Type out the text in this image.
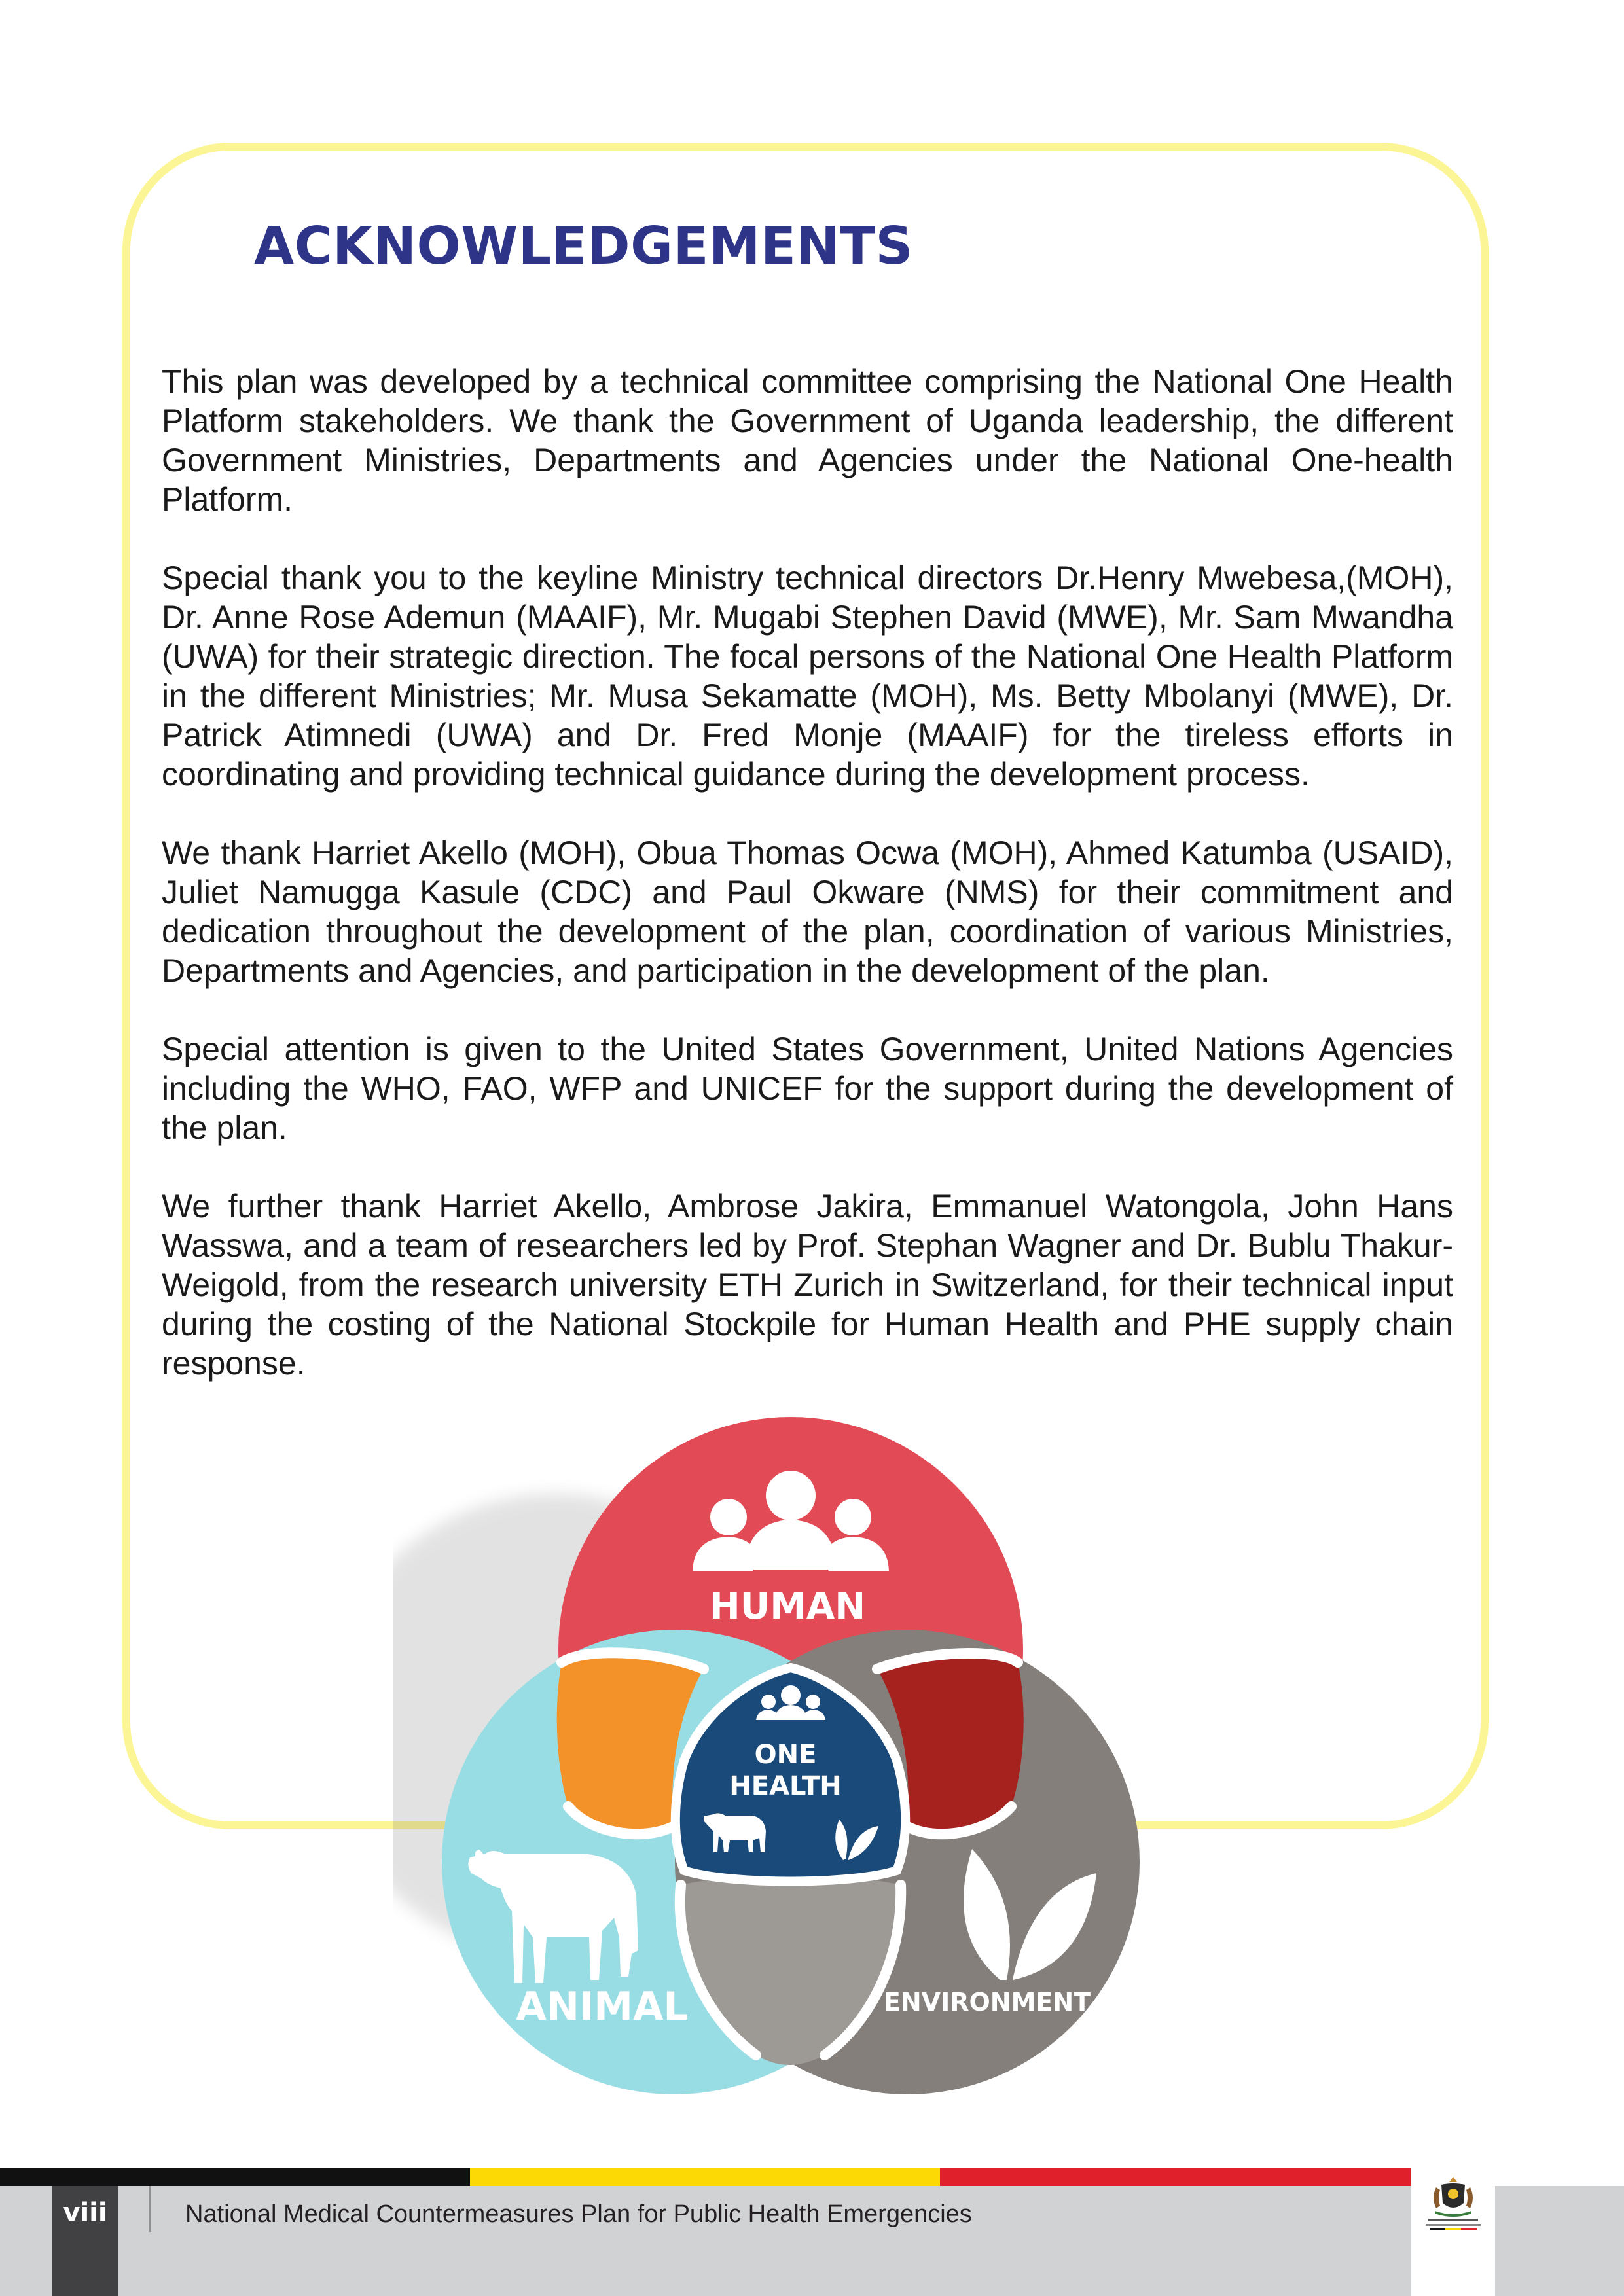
ACKNOWLEDGEMENTS

This plan was developed by a technical committee comprising the National One Health Platform stakeholders. We thank the Government of Uganda leadership, the different Government Ministries, Departments and Agencies under the National One-health Platform.

Special thank you to the keyline Ministry technical directors Dr.Henry Mwebesa,(MOH), Dr. Anne Rose Ademun (MAAIF), Mr. Mugabi Stephen David (MWE), Mr. Sam Mwandha (UWA) for their strategic direction. The focal persons of the National One Health Platform in the different Ministries; Mr. Musa Sekamatte (MOH), Ms. Betty Mbolanyi (MWE), Dr. Patrick Atimnedi (UWA) and Dr. Fred Monje (MAAIF) for the tireless efforts in coordinating and providing technical guidance during the development process.

We thank Harriet Akello (MOH), Obua Thomas Ocwa (MOH), Ahmed Katumba (USAID), Juliet Namugga Kasule (CDC) and Paul Okware (NMS) for their commitment and dedication throughout the development of the plan, coordination of various Ministries, Departments and Agencies, and participation in the development of the plan.

Special attention is given to the United States Government, United Nations Agencies including the WHO, FAO, WFP and UNICEF for the support during the development of the plan.

We further thank Harriet Akello, Ambrose Jakira, Emmanuel Watongola, John Hans Wasswa, and a team of researchers led by Prof. Stephan Wagner and Dr. Bublu Thakur-Weigold, from the research university ETH Zurich in Switzerland, for their technical input during the costing of the National Stockpile for Human Health and PHE supply chain response.

HUMAN
ONE
HEALTH
ANIMAL	ENVIRONMENT
viii	National Medical Countermeasures Plan for Public Health Emergencies
